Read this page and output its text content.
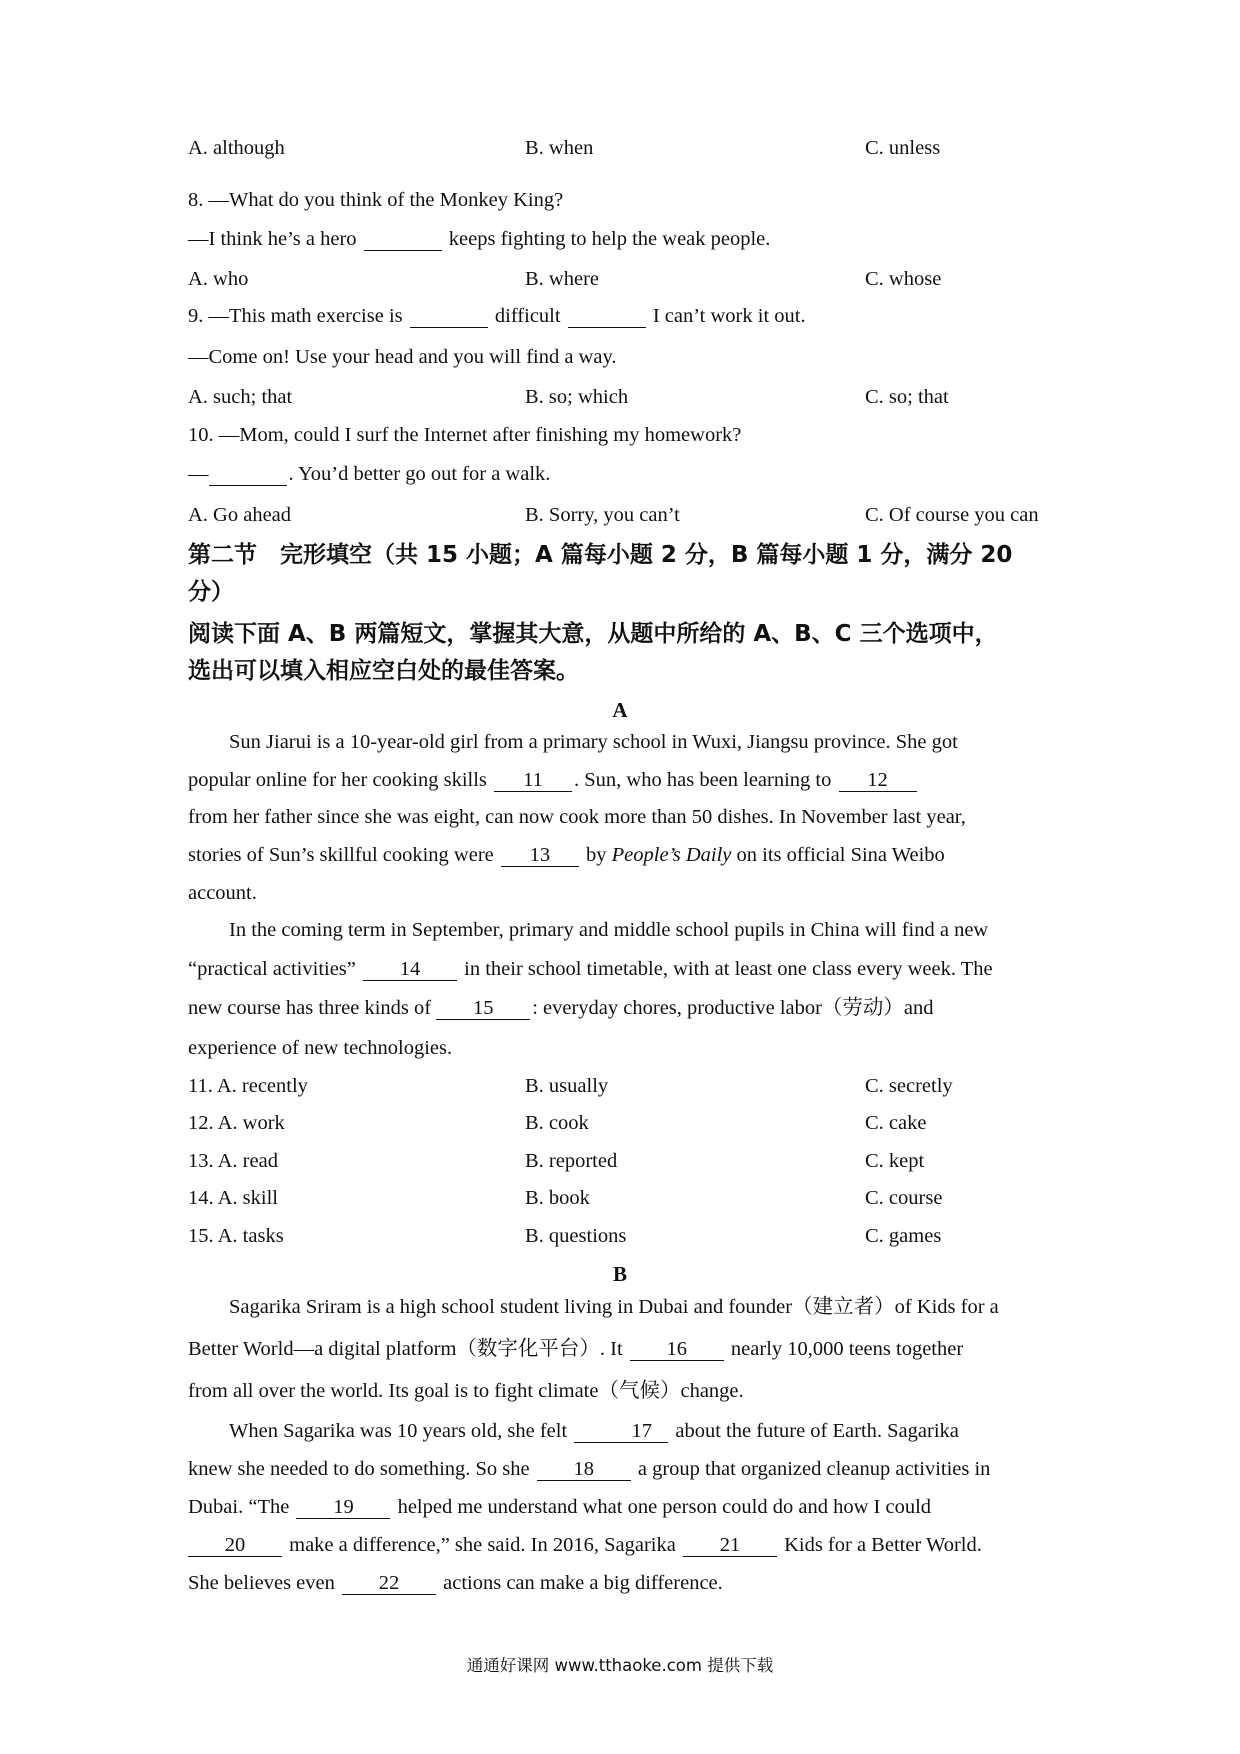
A. although	B. when	C. unless
8. —What do you think of the Monkey King?
—I think he’s a hero	keeps fighting to help the weak people.
A. who	B. where	C. whose
9. —This math exercise is	difficult	I can’t work it out.
—Come on! Use your head and you will find a way.
A. such; that	B. so; which	C. so; that
10. —Mom, could I surf the Internet after finishing my homework?
—	. You’d better go out for a walk.
A. Go ahead	B. Sorry, you can’t	C. Of course you can
第二节　完形填空（共 15 小题；A 篇每小题 2 分，B 篇每小题 1 分，满分 20
分）
阅读下面 A、B 两篇短文，掌握其大意，从题中所给的 A、B、C 三个选项中，
选出可以填入相应空白处的最佳答案。
A
Sun Jiarui is a 10-year-old girl from a primary school in Wuxi, Jiangsu province. She got
popular online for her cooking skills 11 . Sun, who has been learning to 12
from her father since she was eight, can now cook more than 50 dishes. In November last year,
stories of Sun’s skillful cooking were 13 by People’s Daily on its official Sina Weibo
account.
In the coming term in September, primary and middle school pupils in China will find a new
“practical activities” 14 in their school timetable, with at least one class every week. The
new course has three kinds of 15 : everyday chores, productive labor（劳动）and
experience of new technologies.
11. A. recently	B. usually	C. secretly
12. A. work	B. cook	C. cake
13. A. read	B. reported	C. kept
14. A. skill	B. book	C. course
15. A. tasks	B. questions	C. games
B
Sagarika Sriram is a high school student living in Dubai and founder（建立者）of Kids for a
Better World—a digital platform（数字化平台）. It 16 nearly 10,000 teens together
from all over the world. Its goal is to fight climate（气候）change.
When Sagarika was 10 years old, she felt	17 about the future of Earth. Sagarika
knew she needed to do something. So she 18 a group that organized cleanup activities in
Dubai. “The 19 helped me understand what one person could do and how I could
20 make a difference,” she said. In 2016, Sagarika 21 Kids for a Better World.
She believes even 22 actions can make a big difference.
通通好课网 www.tthaoke.com 提供下载
